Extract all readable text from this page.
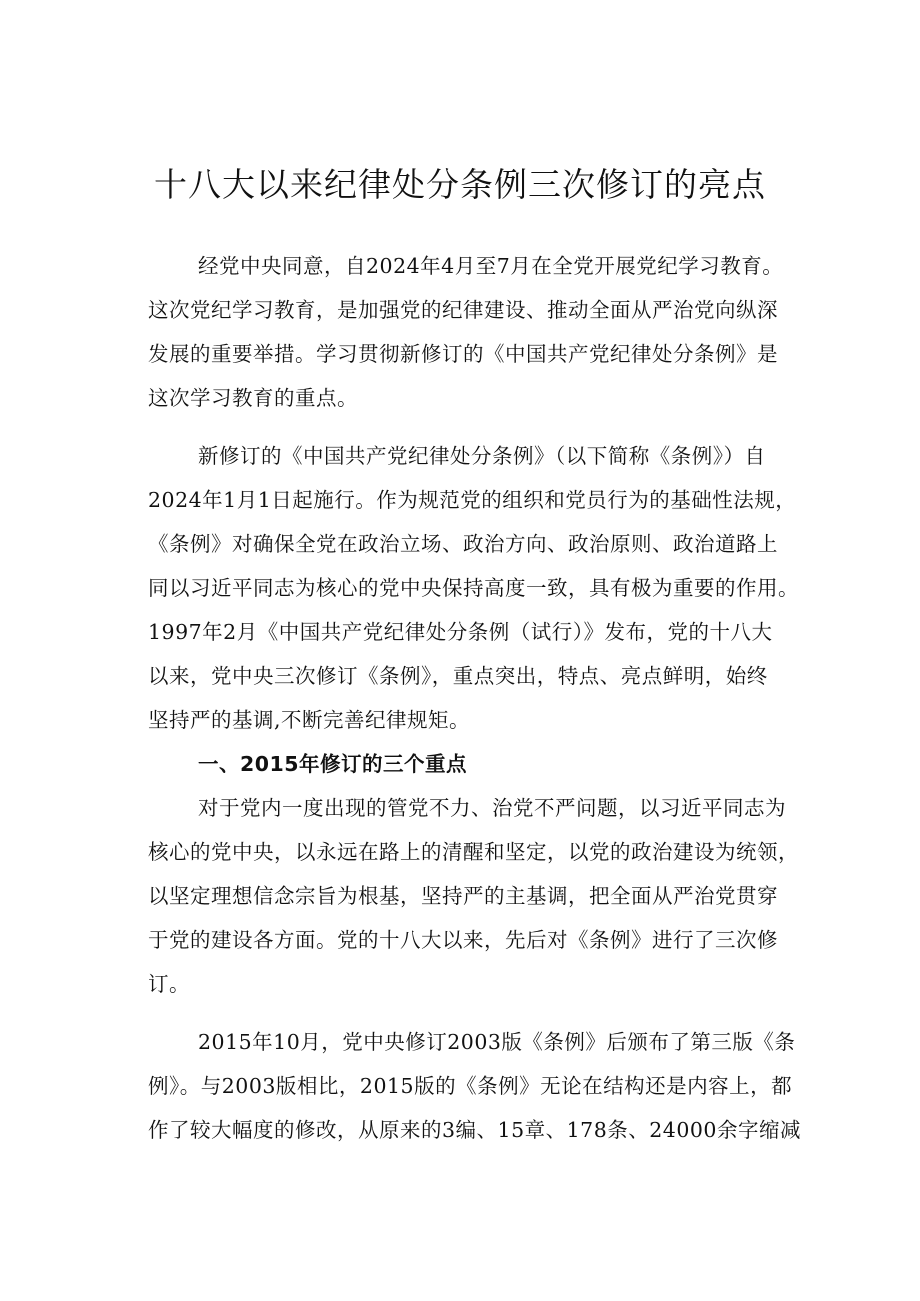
十八大以来纪律处分条例三次修订的亮点
经党中央同意，自2024年4月至7月在全党开展党纪学习教育。
这次党纪学习教育，是加强党的纪律建设、推动全面从严治党向纵深
发展的重要举措。学习贯彻新修订的《中国共产党纪律处分条例》是
这次学习教育的重点。
新修订的《中国共产党纪律处分条例》（以下简称《条例》）自
2024年1月1日起施行。作为规范党的组织和党员行为的基础性法规，
《条例》对确保全党在政治立场、政治方向、政治原则、政治道路上
同以习近平同志为核心的党中央保持高度一致，具有极为重要的作用。
1997年2月《中国共产党纪律处分条例（试行）》发布，党的十八大
以来，党中央三次修订《条例》，重点突出，特点、亮点鲜明，始终
坚持严的基调,不断完善纪律规矩。
一、2015年修订的三个重点
对于党内一度出现的管党不力、治党不严问题，以习近平同志为
核心的党中央，以永远在路上的清醒和坚定，以党的政治建设为统领，
以坚定理想信念宗旨为根基，坚持严的主基调，把全面从严治党贯穿
于党的建设各方面。党的十八大以来，先后对《条例》进行了三次修
订。
2015年10月，党中央修订2003版《条例》后颁布了第三版《条
例》。与2003版相比，2015版的《条例》无论在结构还是内容上，都
作了较大幅度的修改，从原来的3编、15章、178条、24000余字缩减
